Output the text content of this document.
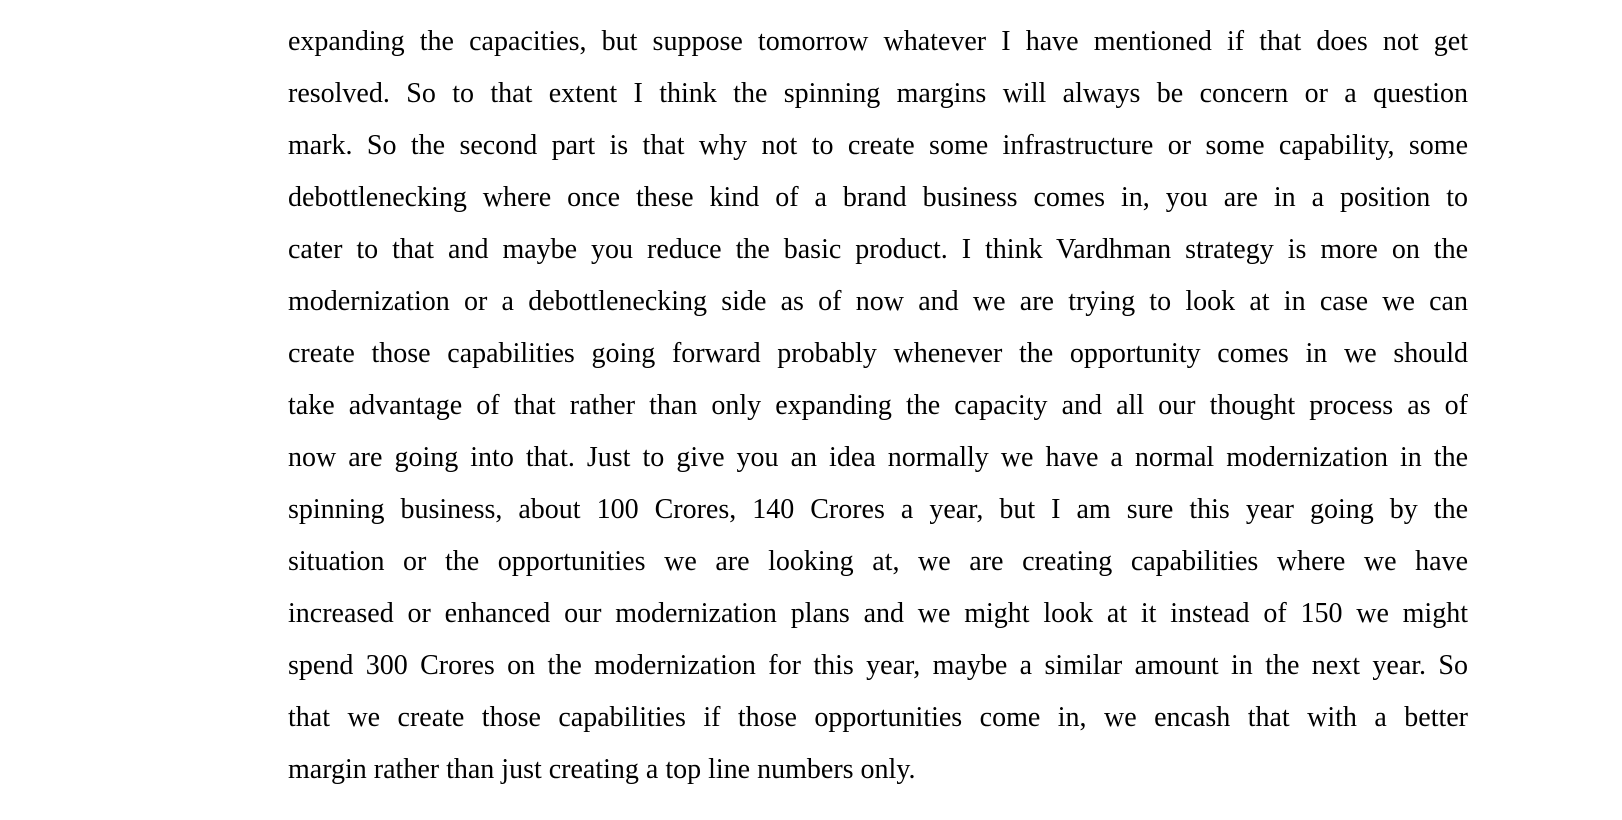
expanding the capacities, but suppose tomorrow whatever I have mentioned if that does not get
resolved. So to that extent I think the spinning margins will always be concern or a question
mark. So the second part is that why not to create some infrastructure or some capability, some
debottlenecking where once these kind of a brand business comes in, you are in a position to
cater to that and maybe you reduce the basic product. I think Vardhman strategy is more on the
modernization or a debottlenecking side as of now and we are trying to look at in case we can
create those capabilities going forward probably whenever the opportunity comes in we should
take advantage of that rather than only expanding the capacity and all our thought process as of
now are going into that. Just to give you an idea normally we have a normal modernization in the
spinning business, about 100 Crores, 140 Crores a year, but I am sure this year going by the
situation or the opportunities we are looking at, we are creating capabilities where we have
increased or enhanced our modernization plans and we might look at it instead of 150 we might
spend 300 Crores on the modernization for this year, maybe a similar amount in the next year. So
that we create those capabilities if those opportunities come in, we encash that with a better
margin rather than just creating a top line numbers only.
